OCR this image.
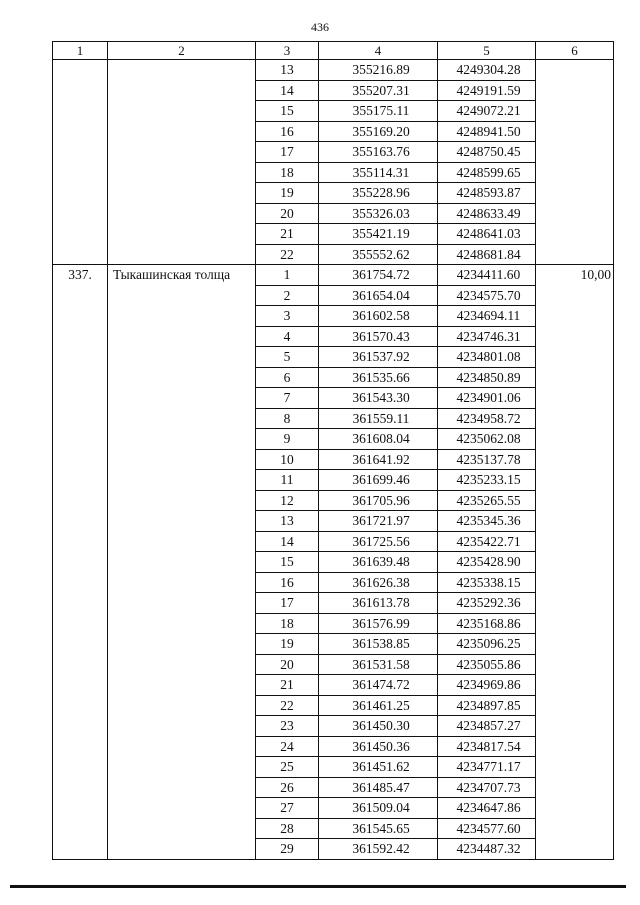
436
1	2	3	4	5	6
		13	355216.89	4249304.28	
		14	355207.31	4249191.59	
		15	355175.11	4249072.21	
		16	355169.20	4248941.50	
		17	355163.76	4248750.45	
		18	355114.31	4248599.65	
		19	355228.96	4248593.87	
		20	355326.03	4248633.49	
		21	355421.19	4248641.03	
		22	355552.62	4248681.84	
337.	Тыкашинская толща	1	361754.72	4234411.60	10,00
		2	361654.04	4234575.70	
		3	361602.58	4234694.11	
		4	361570.43	4234746.31	
		5	361537.92	4234801.08	
		6	361535.66	4234850.89	
		7	361543.30	4234901.06	
		8	361559.11	4234958.72	
		9	361608.04	4235062.08	
		10	361641.92	4235137.78	
		11	361699.46	4235233.15	
		12	361705.96	4235265.55	
		13	361721.97	4235345.36	
		14	361725.56	4235422.71	
		15	361639.48	4235428.90	
		16	361626.38	4235338.15	
		17	361613.78	4235292.36	
		18	361576.99	4235168.86	
		19	361538.85	4235096.25	
		20	361531.58	4235055.86	
		21	361474.72	4234969.86	
		22	361461.25	4234897.85	
		23	361450.30	4234857.27	
		24	361450.36	4234817.54	
		25	361451.62	4234771.17	
		26	361485.47	4234707.73	
		27	361509.04	4234647.86	
		28	361545.65	4234577.60	
		29	361592.42	4234487.32	
